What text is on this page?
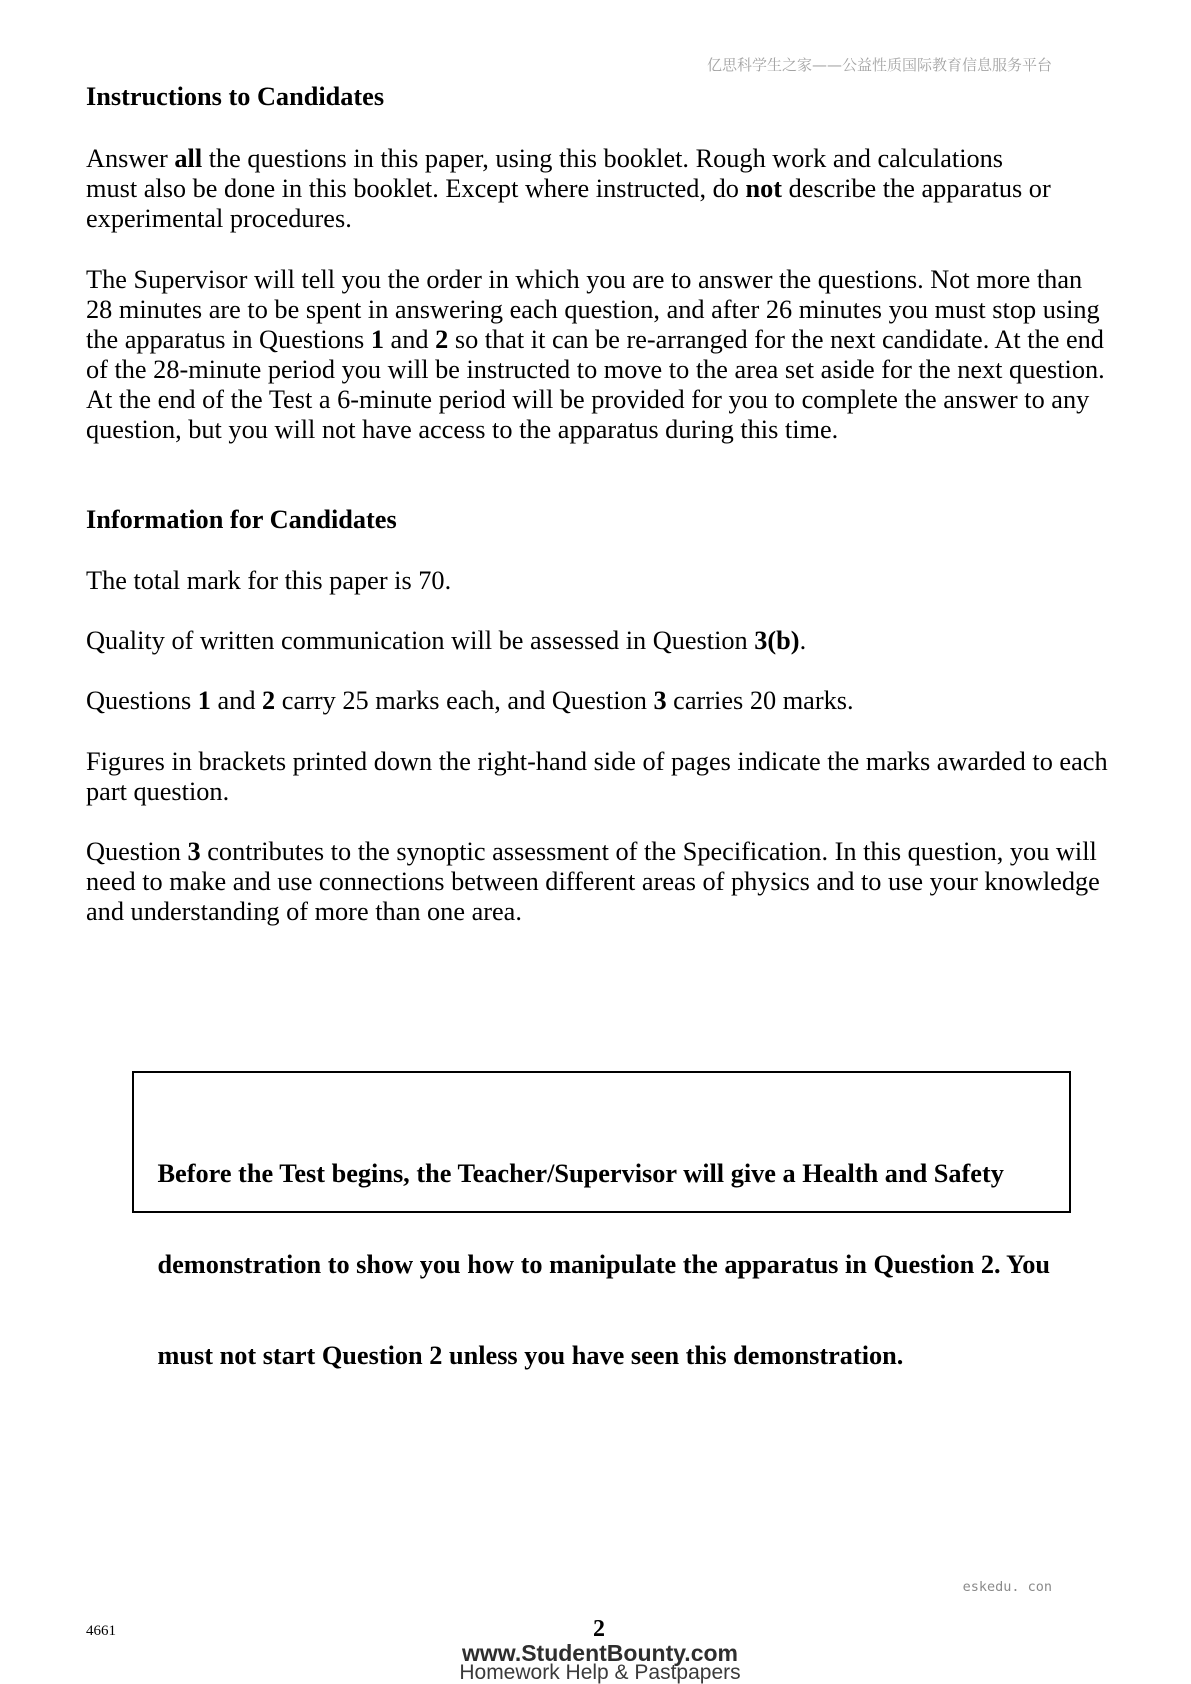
亿思科学生之家——公益性质国际教育信息服务平台
Instructions to Candidates
Answer all the questions in this paper, using this booklet. Rough work and calculations
must also be done in this booklet. Except where instructed, do not describe the apparatus or
experimental procedures.
The Supervisor will tell you the order in which you are to answer the questions. Not more than
28 minutes are to be spent in answering each question, and after 26 minutes you must stop using
the apparatus in Questions 1 and 2 so that it can be re-arranged for the next candidate. At the end
of the 28-minute period you will be instructed to move to the area set aside for the next question.
At the end of the Test a 6-minute period will be provided for you to complete the answer to any
question, but you will not have access to the apparatus during this time.
Information for Candidates
The total mark for this paper is 70.
Quality of written communication will be assessed in Question 3(b).
Questions 1 and 2 carry 25 marks each, and Question 3 carries 20 marks.
Figures in brackets printed down the right-hand side of pages indicate the marks awarded to each
part question.
Question 3 contributes to the synoptic assessment of the Specification. In this question, you will
need to make and use connections between different areas of physics and to use your knowledge
and understanding of more than one area.

Before the Test begins, the Teacher/Supervisor will give a Health and Safety

demonstration to show you how to manipulate the apparatus in Question 2. You

must not start Question 2 unless you have seen this demonstration.

eskedu. con
4661	2
www.StudentBounty.com
Homework Help & Pastpapers
